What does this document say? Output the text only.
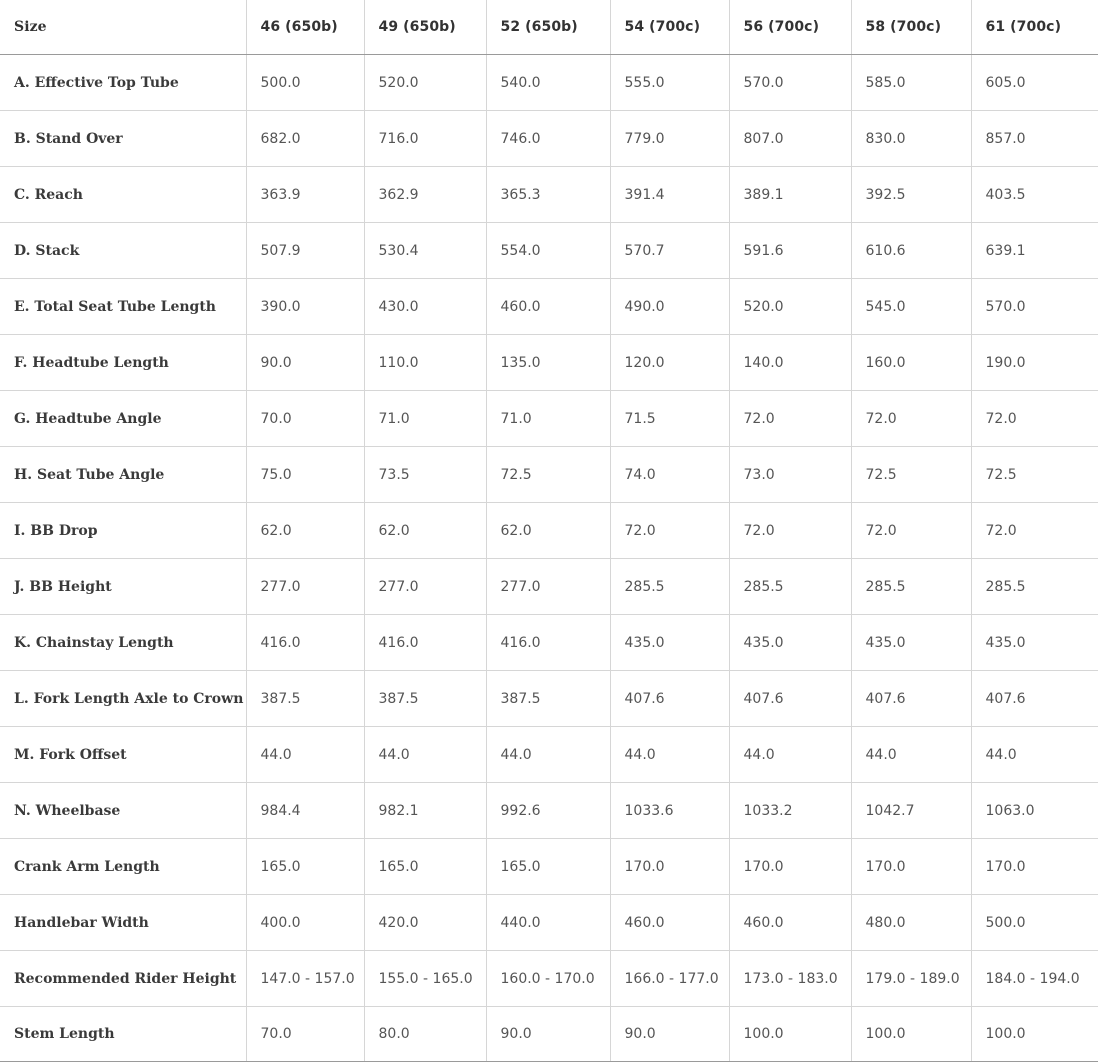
Size	46 (650b)	49 (650b)	52 (650b)	54 (700c)	56 (700c)	58 (700c)	61 (700c)
A. Effective Top Tube	500.0	520.0	540.0	555.0	570.0	585.0	605.0
B. Stand Over	682.0	716.0	746.0	779.0	807.0	830.0	857.0
C. Reach	363.9	362.9	365.3	391.4	389.1	392.5	403.5
D. Stack	507.9	530.4	554.0	570.7	591.6	610.6	639.1
E. Total Seat Tube Length	390.0	430.0	460.0	490.0	520.0	545.0	570.0
F. Headtube Length	90.0	110.0	135.0	120.0	140.0	160.0	190.0
G. Headtube Angle	70.0	71.0	71.0	71.5	72.0	72.0	72.0
H. Seat Tube Angle	75.0	73.5	72.5	74.0	73.0	72.5	72.5
I. BB Drop	62.0	62.0	62.0	72.0	72.0	72.0	72.0
J. BB Height	277.0	277.0	277.0	285.5	285.5	285.5	285.5
K. Chainstay Length	416.0	416.0	416.0	435.0	435.0	435.0	435.0
L. Fork Length Axle to Crown	387.5	387.5	387.5	407.6	407.6	407.6	407.6
M. Fork Offset	44.0	44.0	44.0	44.0	44.0	44.0	44.0
N. Wheelbase	984.4	982.1	992.6	1033.6	1033.2	1042.7	1063.0
Crank Arm Length	165.0	165.0	165.0	170.0	170.0	170.0	170.0
Handlebar Width	400.0	420.0	440.0	460.0	460.0	480.0	500.0
Recommended Rider Height	147.0 - 157.0	155.0 - 165.0	160.0 - 170.0	166.0 - 177.0	173.0 - 183.0	179.0 - 189.0	184.0 - 194.0
Stem Length	70.0	80.0	90.0	90.0	100.0	100.0	100.0
